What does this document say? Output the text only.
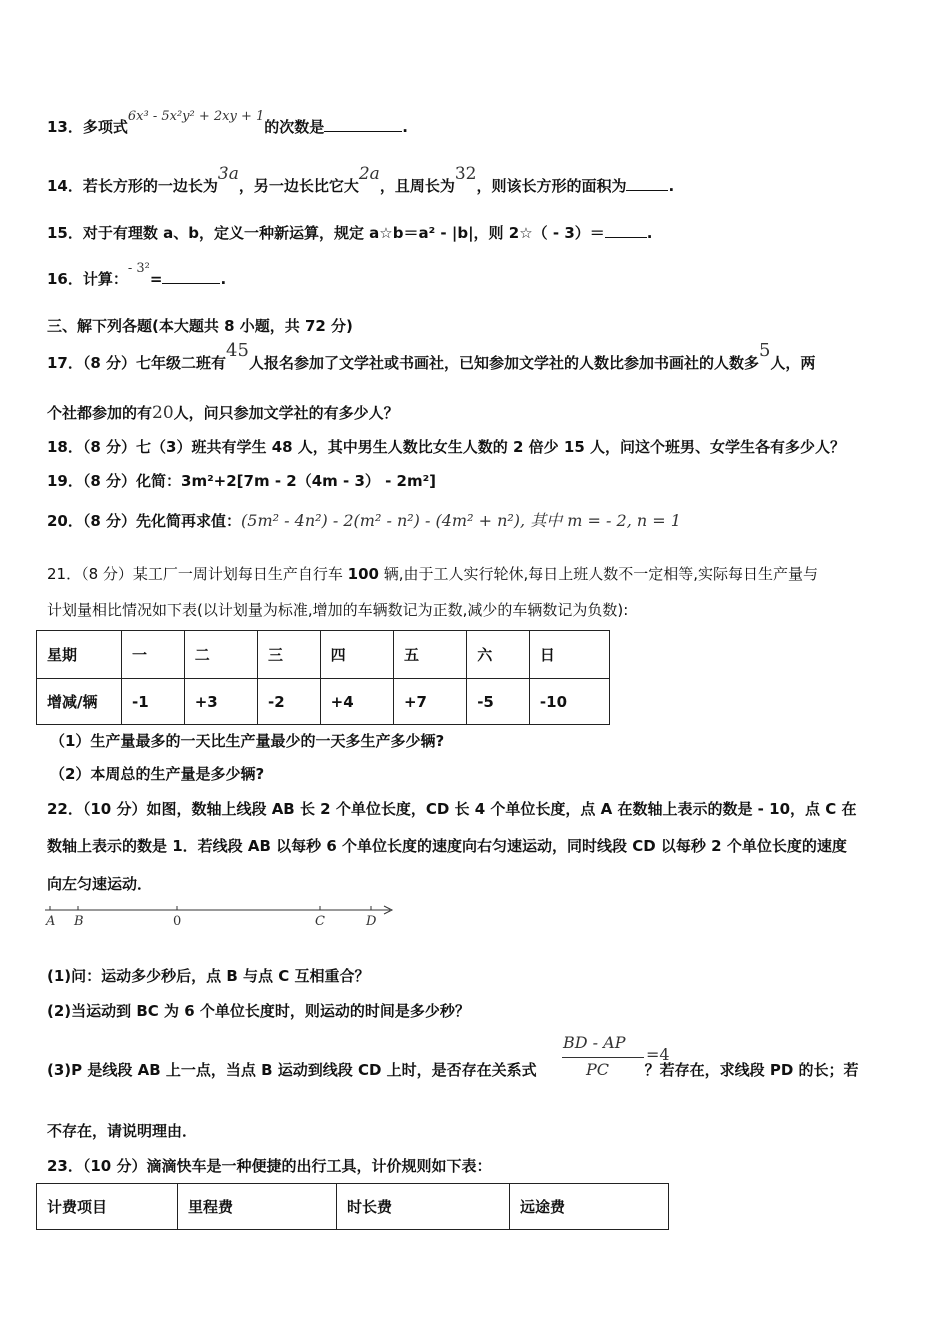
13．多项式6x³ - 5x²y² + 2xy + 1的次数是	.
14．若长方形的一边长为3a，另一边长比它大2a，且周长为32，则该长方形的面积为	.
15．对于有理数 a、b，定义一种新运算，规定 a☆b＝a² - |b|，则 2☆（ - 3）＝	.
16．计算：- 3²=	.
三、解下列各题(本大题共 8 小题，共 72 分)
17．（8 分）七年级二班有45人报名参加了文学社或书画社，已知参加文学社的人数比参加书画社的人数多5人，两
个社都参加的有20人，问只参加文学社的有多少人？
18．（8 分）七（3）班共有学生 48 人，其中男生人数比女生人数的 2 倍少 15 人，问这个班男、女学生各有多少人？
19．（8 分）化简：3m²+2[7m - 2（4m - 3） - 2m²]
20．（8 分）先化简再求值：(5m² - 4n²) - 2(m² - n²) - (4m² + n²), 其中 m = - 2, n = 1
21．（8 分）某工厂一周计划每日生产自行车 100 辆,由于工人实行轮休,每日上班人数不一定相等,实际每日生产量与
计划量相比情况如下表(以计划量为标准,增加的车辆数记为正数,减少的车辆数记为负数):
星期	一	二	三	四	五	六	日
增减/辆	-1	+3	-2	+4	+7	-5	-10
（1）生产量最多的一天比生产量最少的一天多生产多少辆?
（2）本周总的生产量是多少辆?
22．（10 分）如图，数轴上线段 AB 长 2 个单位长度，CD 长 4 个单位长度，点 A 在数轴上表示的数是 - 10，点 C 在
数轴上表示的数是 1．若线段 AB 以每秒 6 个单位长度的速度向右匀速运动，同时线段 CD 以每秒 2 个单位长度的速度
向左匀速运动．
A B	0	C	D
(1)问：运动多少秒后，点 B 与点 C 互相重合？
(2)当运动到 BC 为 6 个单位长度时，则运动的时间是多少秒？
(3)P 是线段 AB 上一点，当点 B 运动到线段 CD 上时，是否存在关系式	？若存在，求线段 PD 的长；若
BD - AP
PC
=4
不存在，请说明理由．
23．（10 分）滴滴快车是一种便捷的出行工具，计价规则如下表：
计费项目	里程费	时长费	远途费
